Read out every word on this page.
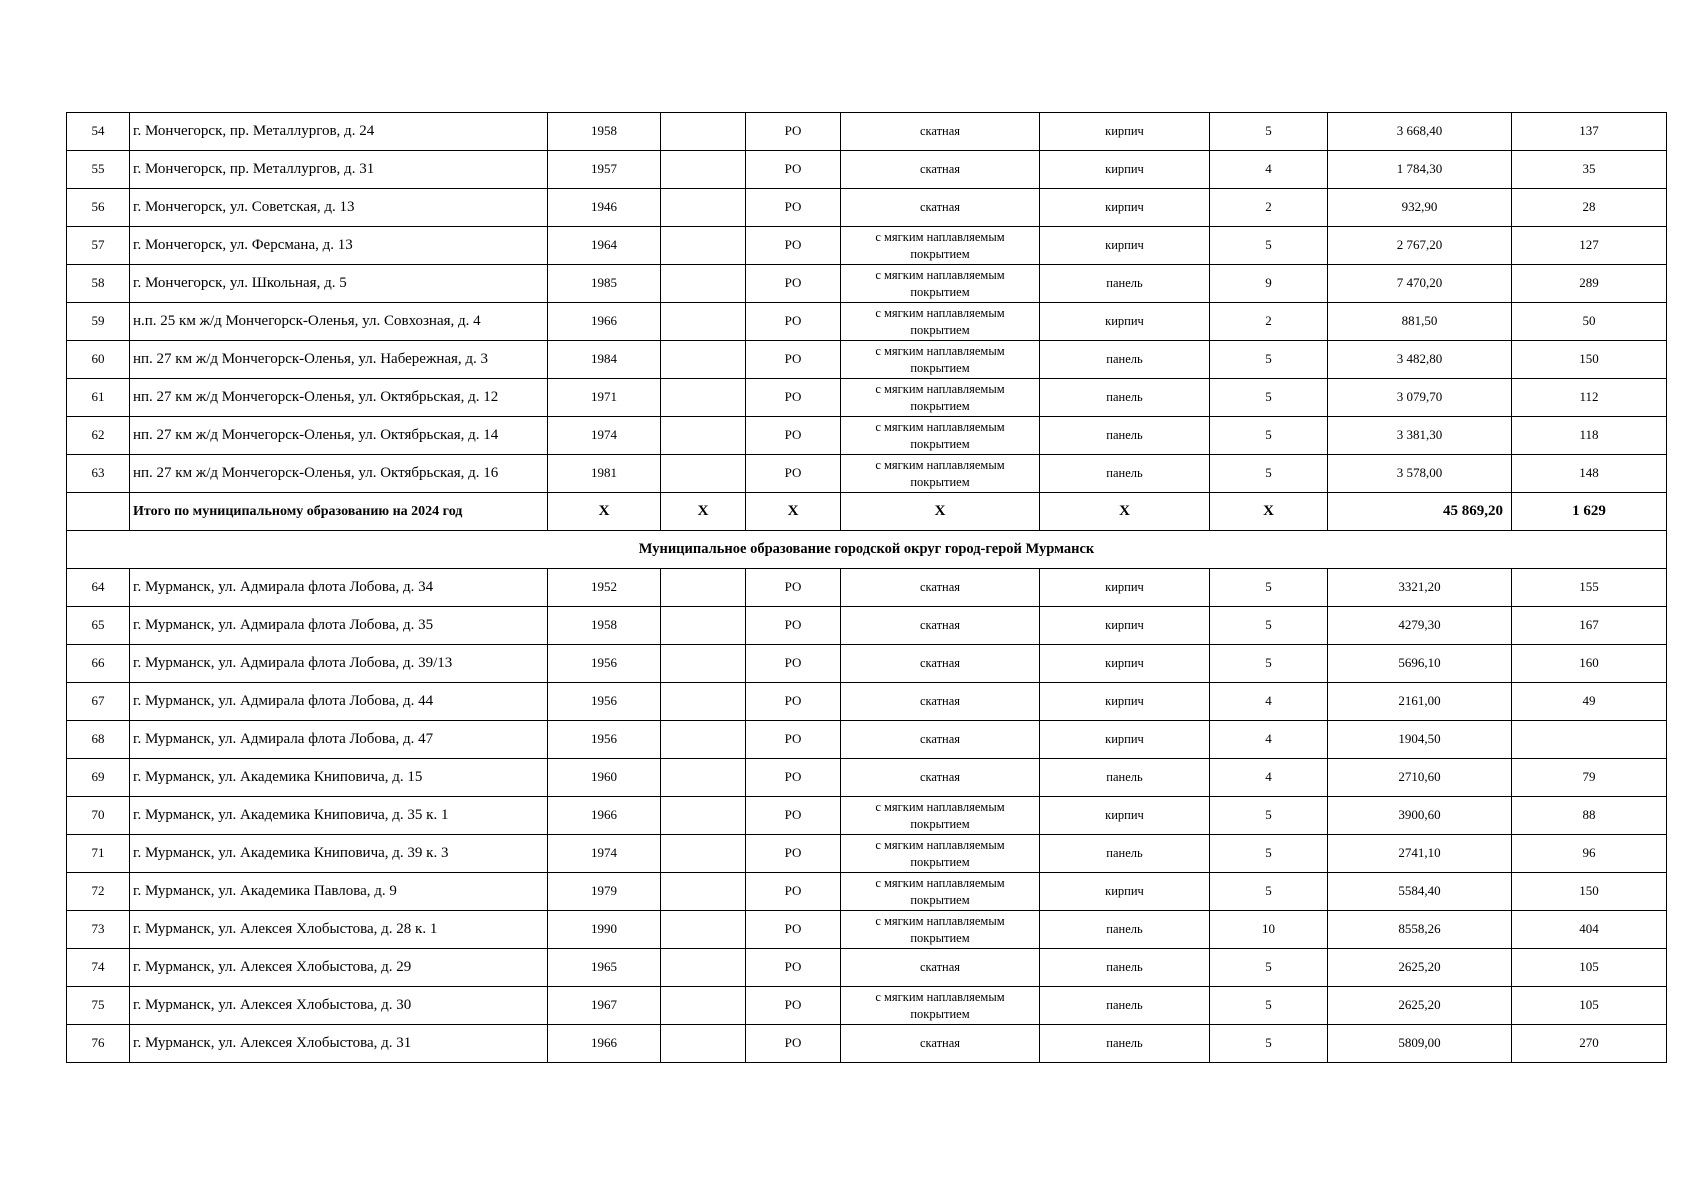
54	г. Мончегорск, пр. Металлургов, д. 24	1958		РО	скатная	кирпич	5	3 668,40	137
55	г. Мончегорск, пр. Металлургов, д. 31	1957		РО	скатная	кирпич	4	1 784,30	35
56	г. Мончегорск, ул. Советская, д. 13	1946		РО	скатная	кирпич	2	932,90	28
57	г. Мончегорск, ул. Ферсмана, д. 13	1964		РО	с мягким наплавляемым покрытием	кирпич	5	2 767,20	127
58	г. Мончегорск, ул. Школьная, д. 5	1985		РО	с мягким наплавляемым покрытием	панель	9	7 470,20	289
59	н.п. 25 км ж/д Мончегорск-Оленья, ул. Совхозная, д. 4	1966		РО	с мягким наплавляемым покрытием	кирпич	2	881,50	50
60	нп. 27 км ж/д Мончегорск-Оленья, ул. Набережная, д. 3	1984		РО	с мягким наплавляемым покрытием	панель	5	3 482,80	150
61	нп. 27 км ж/д Мончегорск-Оленья, ул. Октябрьская, д. 12	1971		РО	с мягким наплавляемым покрытием	панель	5	3 079,70	112
62	нп. 27 км ж/д Мончегорск-Оленья, ул. Октябрьская, д. 14	1974		РО	с мягким наплавляемым покрытием	панель	5	3 381,30	118
63	нп. 27 км ж/д Мончегорск-Оленья, ул. Октябрьская, д. 16	1981		РО	с мягким наплавляемым покрытием	панель	5	3 578,00	148
	Итого по муниципальному образованию на 2024 год	Х	Х	Х	Х	Х	Х	45 869,20	1 629
Муниципальное образование городской округ город-герой Мурманск									
64	г. Мурманск, ул. Адмирала флота Лобова, д. 34	1952		РО	скатная	кирпич	5	3321,20	155
65	г. Мурманск, ул. Адмирала флота Лобова, д. 35	1958		РО	скатная	кирпич	5	4279,30	167
66	г. Мурманск, ул. Адмирала флота Лобова, д. 39/13	1956		РО	скатная	кирпич	5	5696,10	160
67	г. Мурманск, ул. Адмирала флота Лобова, д. 44	1956		РО	скатная	кирпич	4	2161,00	49
68	г. Мурманск, ул. Адмирала флота Лобова, д. 47	1956		РО	скатная	кирпич	4	1904,50	
69	г. Мурманск, ул. Академика Книповича, д. 15	1960		РО	скатная	панель	4	2710,60	79
70	г. Мурманск, ул. Академика Книповича, д. 35 к. 1	1966		РО	с мягким наплавляемым покрытием	кирпич	5	3900,60	88
71	г. Мурманск, ул. Академика Книповича, д. 39 к. 3	1974		РО	с мягким наплавляемым покрытием	панель	5	2741,10	96
72	г. Мурманск, ул. Академика Павлова, д. 9	1979		РО	с мягким наплавляемым покрытием	кирпич	5	5584,40	150
73	г. Мурманск, ул. Алексея Хлобыстова, д. 28 к. 1	1990		РО	с мягким наплавляемым покрытием	панель	10	8558,26	404
74	г. Мурманск, ул. Алексея Хлобыстова, д. 29	1965		РО	скатная	панель	5	2625,20	105
75	г. Мурманск, ул. Алексея Хлобыстова, д. 30	1967		РО	с мягким наплавляемым покрытием	панель	5	2625,20	105
76	г. Мурманск, ул. Алексея Хлобыстова, д. 31	1966		РО	скатная	панель	5	5809,00	270
